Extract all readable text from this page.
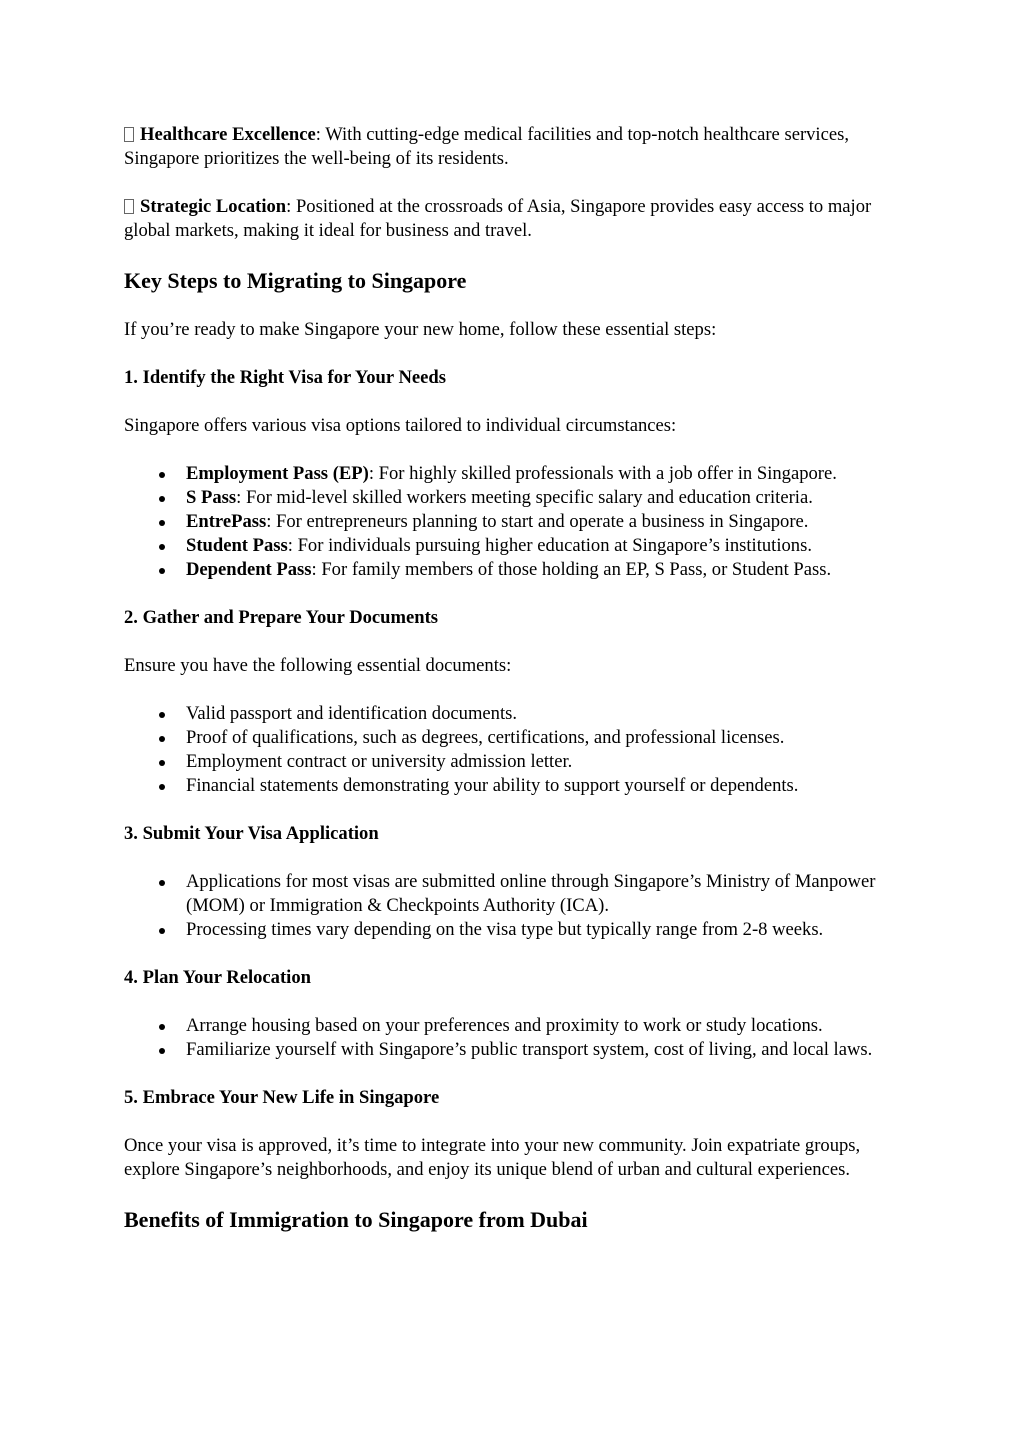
Healthcare Excellence: With cutting-edge medical facilities and top-notch healthcare services, Singapore prioritizes the well-being of its residents.

Strategic Location: Positioned at the crossroads of Asia, Singapore provides easy access to major global markets, making it ideal for business and travel.

Key Steps to Migrating to Singapore

If you’re ready to make Singapore your new home, follow these essential steps:

1. Identify the Right Visa for Your Needs

Singapore offers various visa options tailored to individual circumstances:

Employment Pass (EP): For highly skilled professionals with a job offer in Singapore.
S Pass: For mid-level skilled workers meeting specific salary and education criteria.
EntrePass: For entrepreneurs planning to start and operate a business in Singapore.
Student Pass: For individuals pursuing higher education at Singapore’s institutions.
Dependent Pass: For family members of those holding an EP, S Pass, or Student Pass.
2. Gather and Prepare Your Documents

Ensure you have the following essential documents:

Valid passport and identification documents.
Proof of qualifications, such as degrees, certifications, and professional licenses.
Employment contract or university admission letter.
Financial statements demonstrating your ability to support yourself or dependents.
3. Submit Your Visa Application
Applications for most visas are submitted online through Singapore’s Ministry of Manpower (MOM) or Immigration & Checkpoints Authority (ICA).
Processing times vary depending on the visa type but typically range from 2-8 weeks.
4. Plan Your Relocation
Arrange housing based on your preferences and proximity to work or study locations.
Familiarize yourself with Singapore’s public transport system, cost of living, and local laws.
5. Embrace Your New Life in Singapore

Once your visa is approved, it’s time to integrate into your new community. Join expatriate groups, explore Singapore’s neighborhoods, and enjoy its unique blend of urban and cultural experiences.

Benefits of Immigration to Singapore from Dubai
